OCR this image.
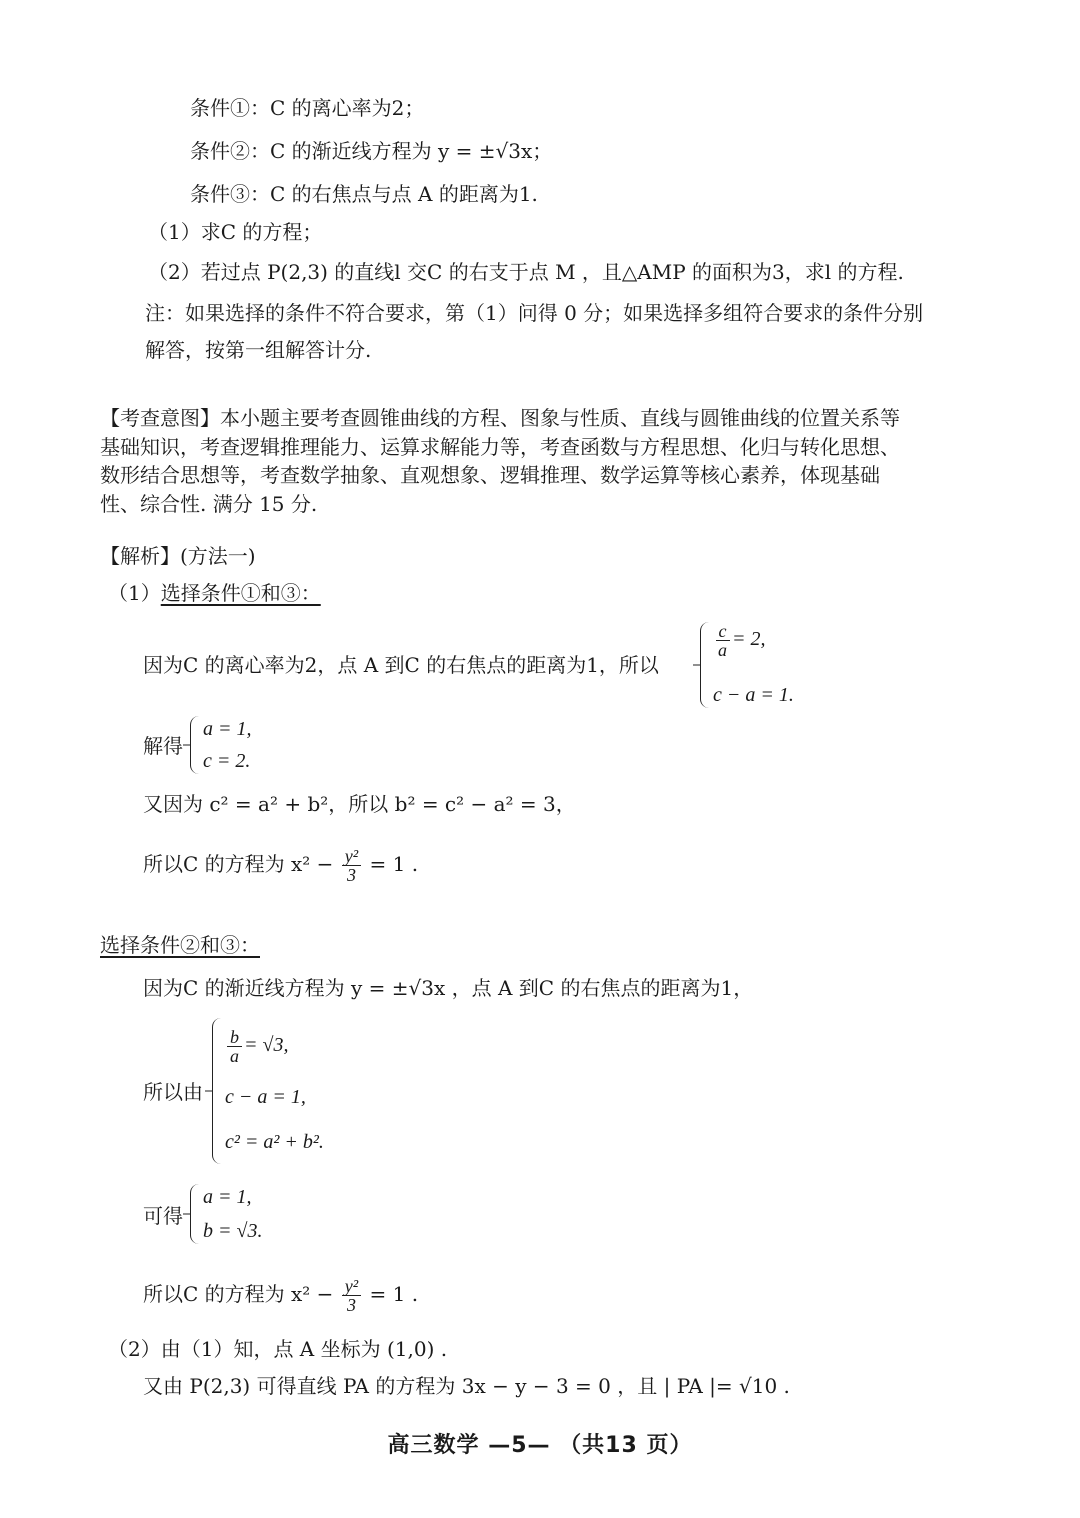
条件①：C 的离心率为2；
条件②：C 的渐近线方程为 y = ±√3x；
条件③：C 的右焦点与点 A 的距离为1.
（1）求C 的方程；
（2）若过点 P(2,3) 的直线l 交C 的右支于点 M ，且△AMP 的面积为3，求l 的方程.
注：如果选择的条件不符合要求，第（1）问得 0 分；如果选择多组符合要求的条件分别
解答，按第一组解答计分.
【考查意图】本小题主要考查圆锥曲线的方程、图象与性质、直线与圆锥曲线的位置关系等
基础知识，考查逻辑推理能力、运算求解能力等，考查函数与方程思想、化归与转化思想、
数形结合思想等，考查数学抽象、直观想象、逻辑推理、数学运算等核心素养，体现基础
性、综合性. 满分 15 分.
【解析】(方法一)
（1）选择条件①和③：
因为C 的离心率为2，点 A 到C 的右焦点的距离为1，所以
$\frac{c}{a} = 2$,
c − a = 1.
解得
a = 1,
c = 2.
又因为 c² = a² + b²，所以 b² = c² − a² = 3，
所以C 的方程为 $x^2 - \frac{\text{y²}}{3} = 1$ .
选择条件②和③：
因为C 的渐近线方程为 y = ±√3x ，点 A 到C 的右焦点的距离为1，
所以由
$\frac{b}{a} = √3$,
c − a = 1,
c² = a² + b².
可得
a = 1,
b = √3.
所以C 的方程为 $x^2 - \frac{\text{y²}}{3} = 1$ .
（2）由（1）知，点 A 坐标为 (1,0) .
又由 P(2,3) 可得直线 PA 的方程为 3x − y − 3 = 0 ，且 | PA |= √10 .
高三数学 —5— （共13 页）
